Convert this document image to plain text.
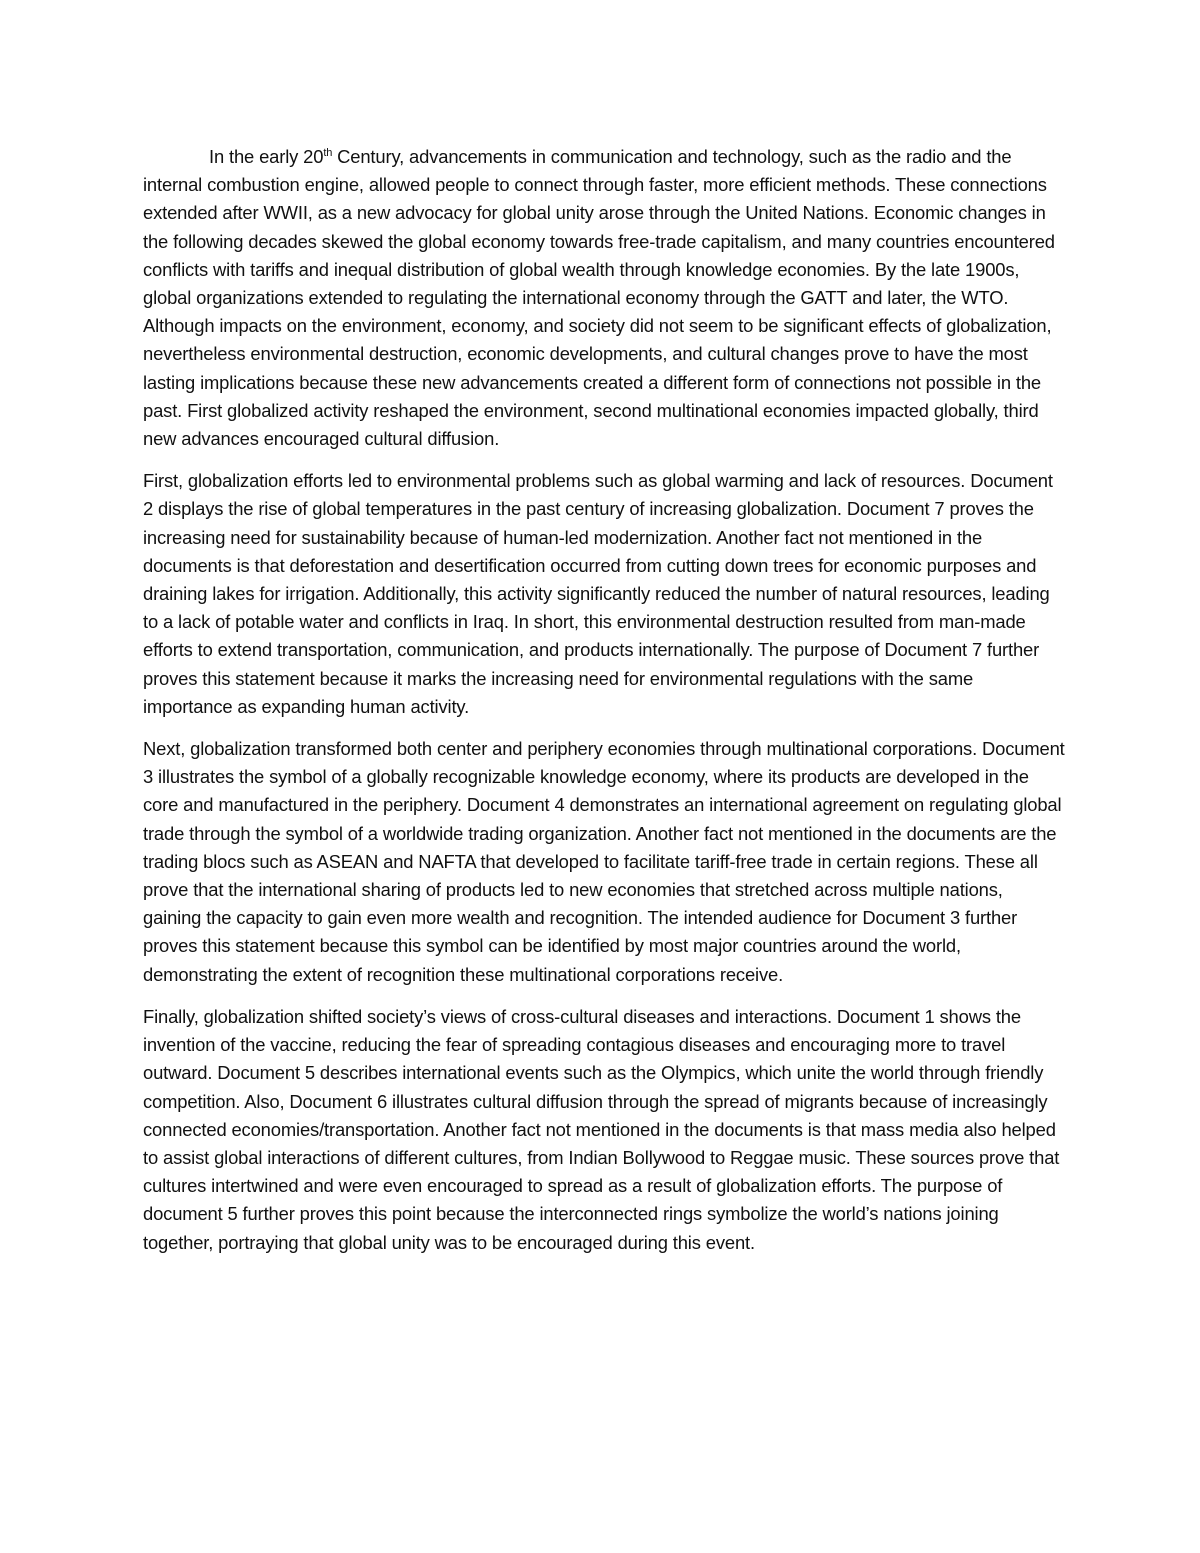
In the early 20th Century, advancements in communication and technology, such as the radio and the internal combustion engine, allowed people to connect through faster, more efficient methods. These connections extended after WWII, as a new advocacy for global unity arose through the United Nations. Economic changes in the following decades skewed the global economy towards free-trade capitalism, and many countries encountered conflicts with tariffs and inequal distribution of global wealth through knowledge economies. By the late 1900s, global organizations extended to regulating the international economy through the GATT and later, the WTO. Although impacts on the environment, economy, and society did not seem to be significant effects of globalization, nevertheless environmental destruction, economic developments, and cultural changes prove to have the most lasting implications because these new advancements created a different form of connections not possible in the past. First globalized activity reshaped the environment, second multinational economies impacted globally, third new advances encouraged cultural diffusion.

First, globalization efforts led to environmental problems such as global warming and lack of resources. Document 2 displays the rise of global temperatures in the past century of increasing globalization. Document 7 proves the increasing need for sustainability because of human-led modernization. Another fact not mentioned in the documents is that deforestation and desertification occurred from cutting down trees for economic purposes and draining lakes for irrigation. Additionally, this activity significantly reduced the number of natural resources, leading to a lack of potable water and conflicts in Iraq. In short, this environmental destruction resulted from man-made efforts to extend transportation, communication, and products internationally. The purpose of Document 7 further proves this statement because it marks the increasing need for environmental regulations with the same importance as expanding human activity.

Next, globalization transformed both center and periphery economies through multinational corporations. Document 3 illustrates the symbol of a globally recognizable knowledge economy, where its products are developed in the core and manufactured in the periphery. Document 4 demonstrates an international agreement on regulating global trade through the symbol of a worldwide trading organization. Another fact not mentioned in the documents are the trading blocs such as ASEAN and NAFTA that developed to facilitate tariff-free trade in certain regions. These all prove that the international sharing of products led to new economies that stretched across multiple nations, gaining the capacity to gain even more wealth and recognition. The intended audience for Document 3 further proves this statement because this symbol can be identified by most major countries around the world, demonstrating the extent of recognition these multinational corporations receive.

Finally, globalization shifted society’s views of cross-cultural diseases and interactions. Document 1 shows the invention of the vaccine, reducing the fear of spreading contagious diseases and encouraging more to travel outward. Document 5 describes international events such as the Olympics, which unite the world through friendly competition. Also, Document 6 illustrates cultural diffusion through the spread of migrants because of increasingly connected economies/transportation. Another fact not mentioned in the documents is that mass media also helped to assist global interactions of different cultures, from Indian Bollywood to Reggae music. These sources prove that cultures intertwined and were even encouraged to spread as a result of globalization efforts. The purpose of document 5 further proves this point because the interconnected rings symbolize the world’s nations joining together, portraying that global unity was to be encouraged during this event.
